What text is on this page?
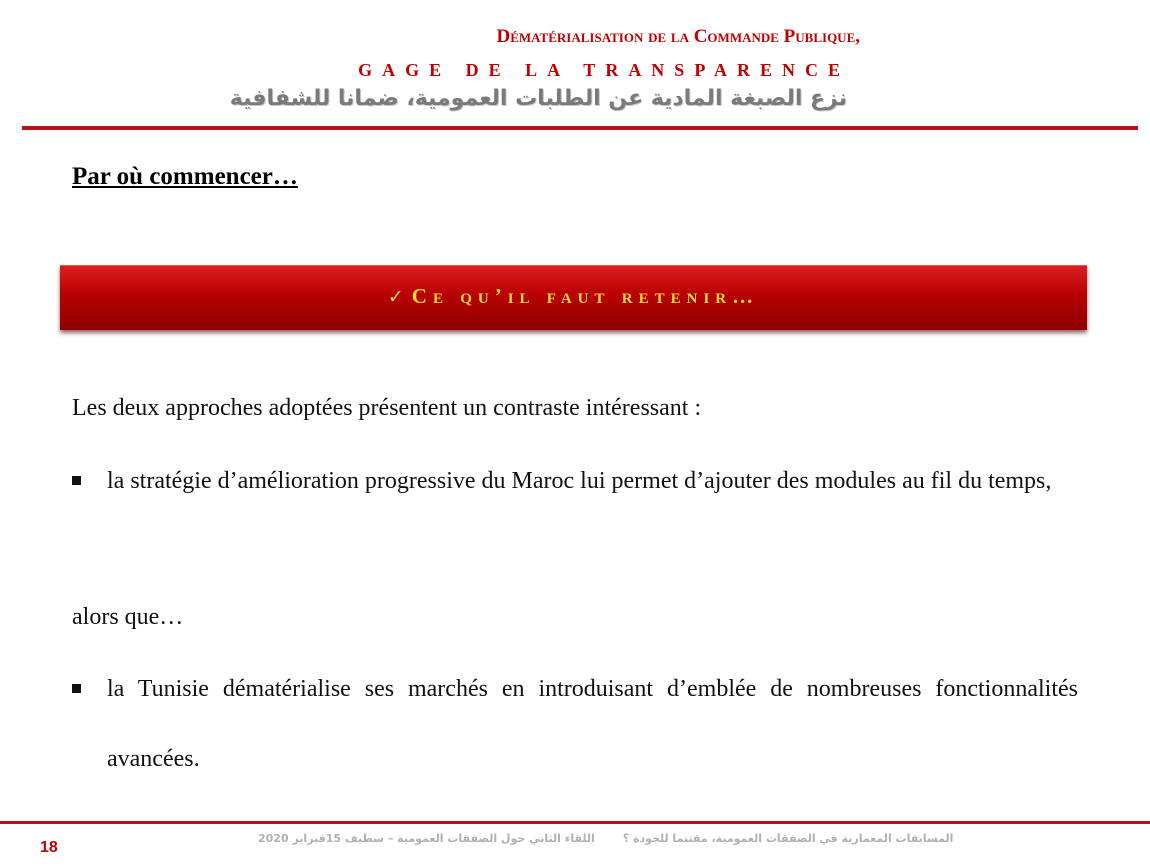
Dématérialisation de la Commande Publique,
GAGE DE LA TRANSPARENCE
نزع الصبغة المادية عن الطلبات العمومية، ضمانا للشفافية
Par où commencer…
✓ Ce qu’il faut retenir…
Les deux approches adoptées présentent un contraste intéressant :
la stratégie d’amélioration progressive du Maroc lui permet d’ajouter des modules au fil du temps,
alors que…
la Tunisie dématérialise ses marchés en introduisant d’emblée de nombreuses fonctionnalités avancées.
18
المسابقات المعمارية في الصفقات العمومية، مقتنما للجودة ؟اللقاء الثاني حول الصفقات العمومية – سطيف 15فبراير 2020
